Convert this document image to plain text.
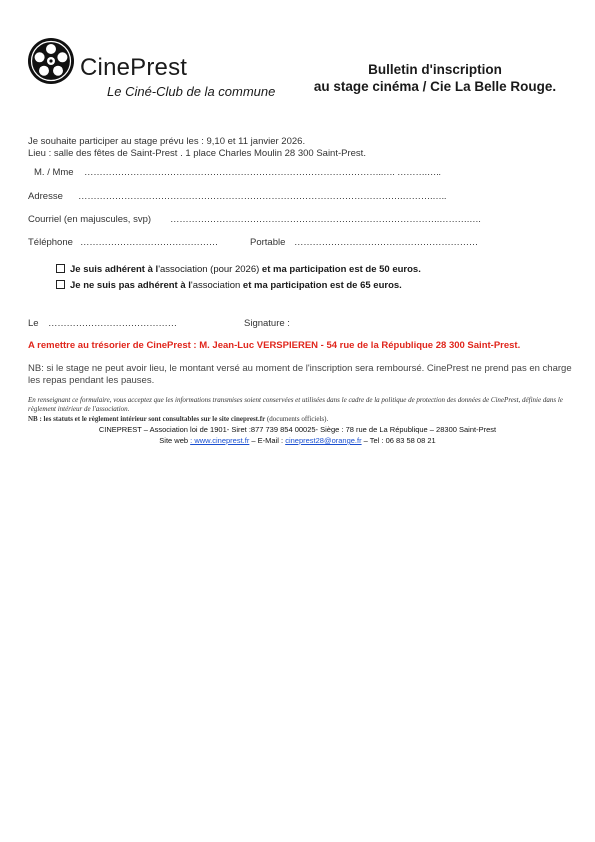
CinePrest
Le Ciné-Club de la commune
Bulletin d'inscription
au stage cinéma / Cie La Belle Rouge.
Je souhaite participer au stage prévu les : 9,10 et 11 janvier 2026.
Lieu : salle des fêtes de Saint-Prest . 1 place Charles Moulin 28 300 Saint-Prest.
M. / Mme ……………………………………………………………………………………..…. ……….…..
Adresse …………………………………………………………………………………………….……….…..
Courriel (en majuscules, svp) …………………………………………………………………………….……….….
Téléphone ………………………………………	Portable ……………………………………………………
Je suis adhérent à l'association (pour 2026) et ma participation est de 50 euros.
Je ne suis pas adhérent à l'association et ma participation est de 65 euros.
Le ……………………………………	Signature :
A remettre au trésorier de CinePrest : M. Jean-Luc VERSPIEREN - 54 rue de la République 28 300 Saint-Prest.
NB: si le stage ne peut avoir lieu, le montant versé au moment de l'inscription sera remboursé. CinePrest ne prend pas en charge les repas pendant les pauses.
En renseignant ce formulaire, vous acceptez que les informations transmises soient conservées et utilisées dans le cadre de la politique de protection des données de CinePrest, définie dans le règlement intérieur de l'association.
NB : les statuts et le règlement intérieur sont consultables sur le site cineprest.fr (documents officiels).
CINEPREST – Association loi de 1901- Siret :877 739 854 00025- Siège : 78 rue de La République – 28300 Saint-Prest
Site web : www.cineprest.fr – E-Mail : cineprest28@orange.fr – Tel : 06 83 58 08 21
